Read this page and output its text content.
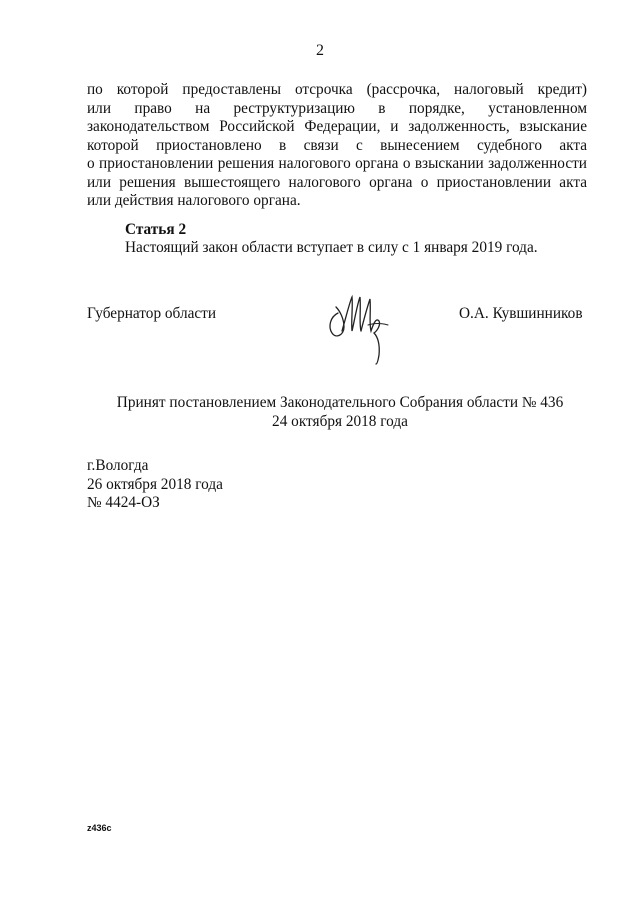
2
по которой предоставлены отсрочка (рассрочка, налоговый кредит)
или право на реструктуризацию в порядке, установленном
законодательством Российской Федерации, и задолженность, взыскание
которой приостановлено в связи с вынесением судебного акта
о приостановлении решения налогового органа о взыскании задолженности
или решения вышестоящего налогового органа о приостановлении акта
или действия налогового органа.
Статья 2
Настоящий закон области вступает в силу с 1 января 2019 года.
Губернатор области	О.А. Кувшинников
Принят постановлением Законодательного Собрания области № 436
24 октября 2018 года
г.Вологда
26 октября 2018 года
№ 4424-ОЗ
z436c
